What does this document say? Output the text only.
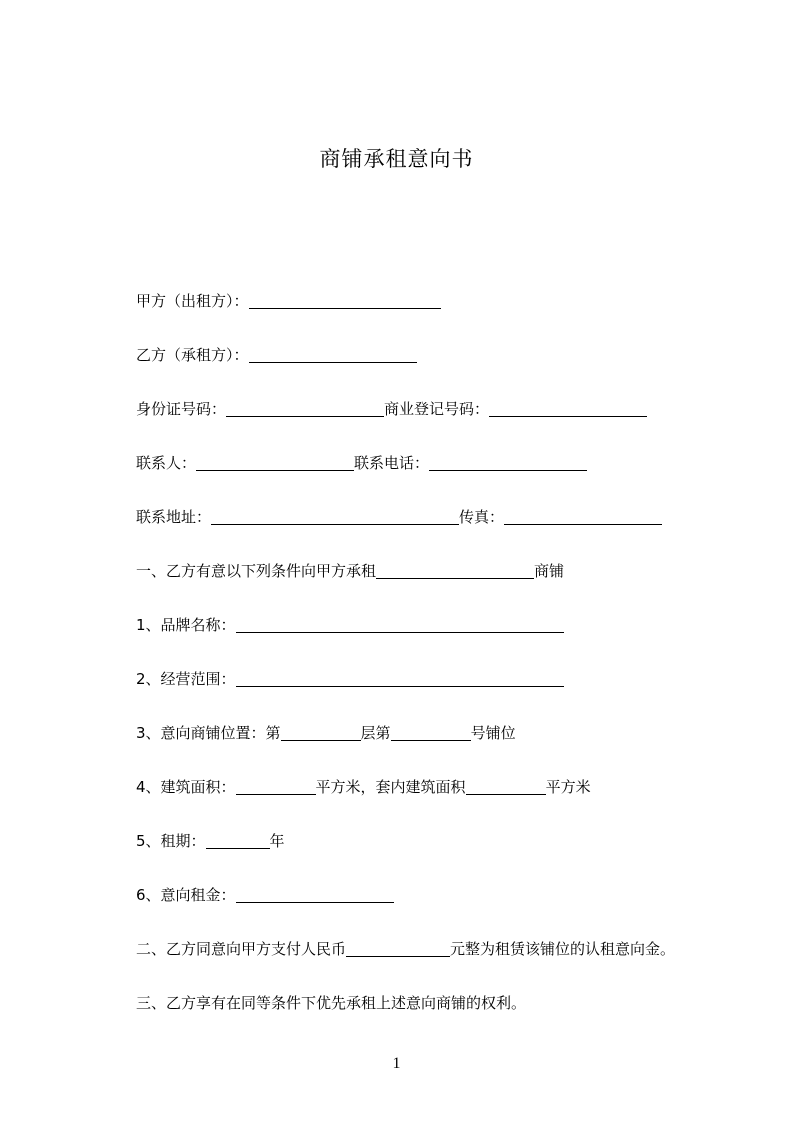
商铺承租意向书
甲方（出租方）：
乙方（承租方）：
身份证号码：	商业登记号码：
联系人：	联系电话：
联系地址：	传真：
一、乙方有意以下列条件向甲方承租	商铺
1、品牌名称：
2、经营范围：
3、意向商铺位置：第	层第	号铺位
4、建筑面积：	平方米，套内建筑面积	平方米
5、租期：	年
6、意向租金：
二、乙方同意向甲方支付人民币	元整为租赁该铺位的认租意向金。
三、乙方享有在同等条件下优先承租上述意向商铺的权利。
1
